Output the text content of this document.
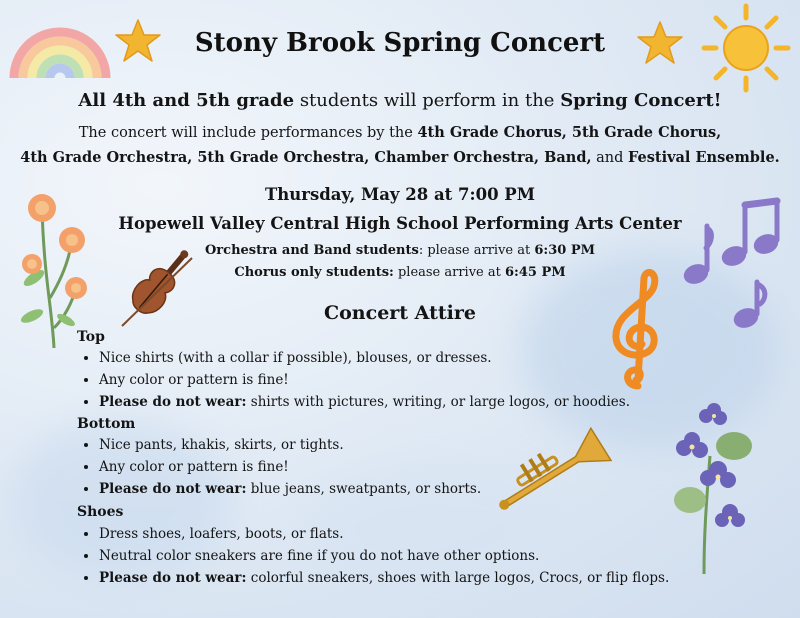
Stony Brook Spring Concert
All 4th and 5th grade students will perform in the Spring Concert!
The concert will include performances by the 4th Grade Chorus, 5th Grade Chorus,
4th Grade Orchestra, 5th Grade Orchestra, Chamber Orchestra, Band, and Festival Ensemble.
Thursday, May 28 at 7:00 PM
Hopewell Valley Central High School Performing Arts Center
Orchestra and Band students: please arrive at 6:30 PM
Chorus only students: please arrive at 6:45 PM
Concert Attire
Top
• Nice shirts (with a collar if possible), blouses, or dresses.
• Any color or pattern is fine!
• Please do not wear: shirts with pictures, writing, or large logos, or hoodies.
Bottom
• Nice pants, khakis, skirts, or tights.
• Any color or pattern is fine!
• Please do not wear: blue jeans, sweatpants, or shorts.
Shoes
• Dress shoes, loafers, boots, or flats.
• Neutral color sneakers are fine if you do not have other options.
• Please do not wear: colorful sneakers, shoes with large logos, Crocs, or flip flops.
